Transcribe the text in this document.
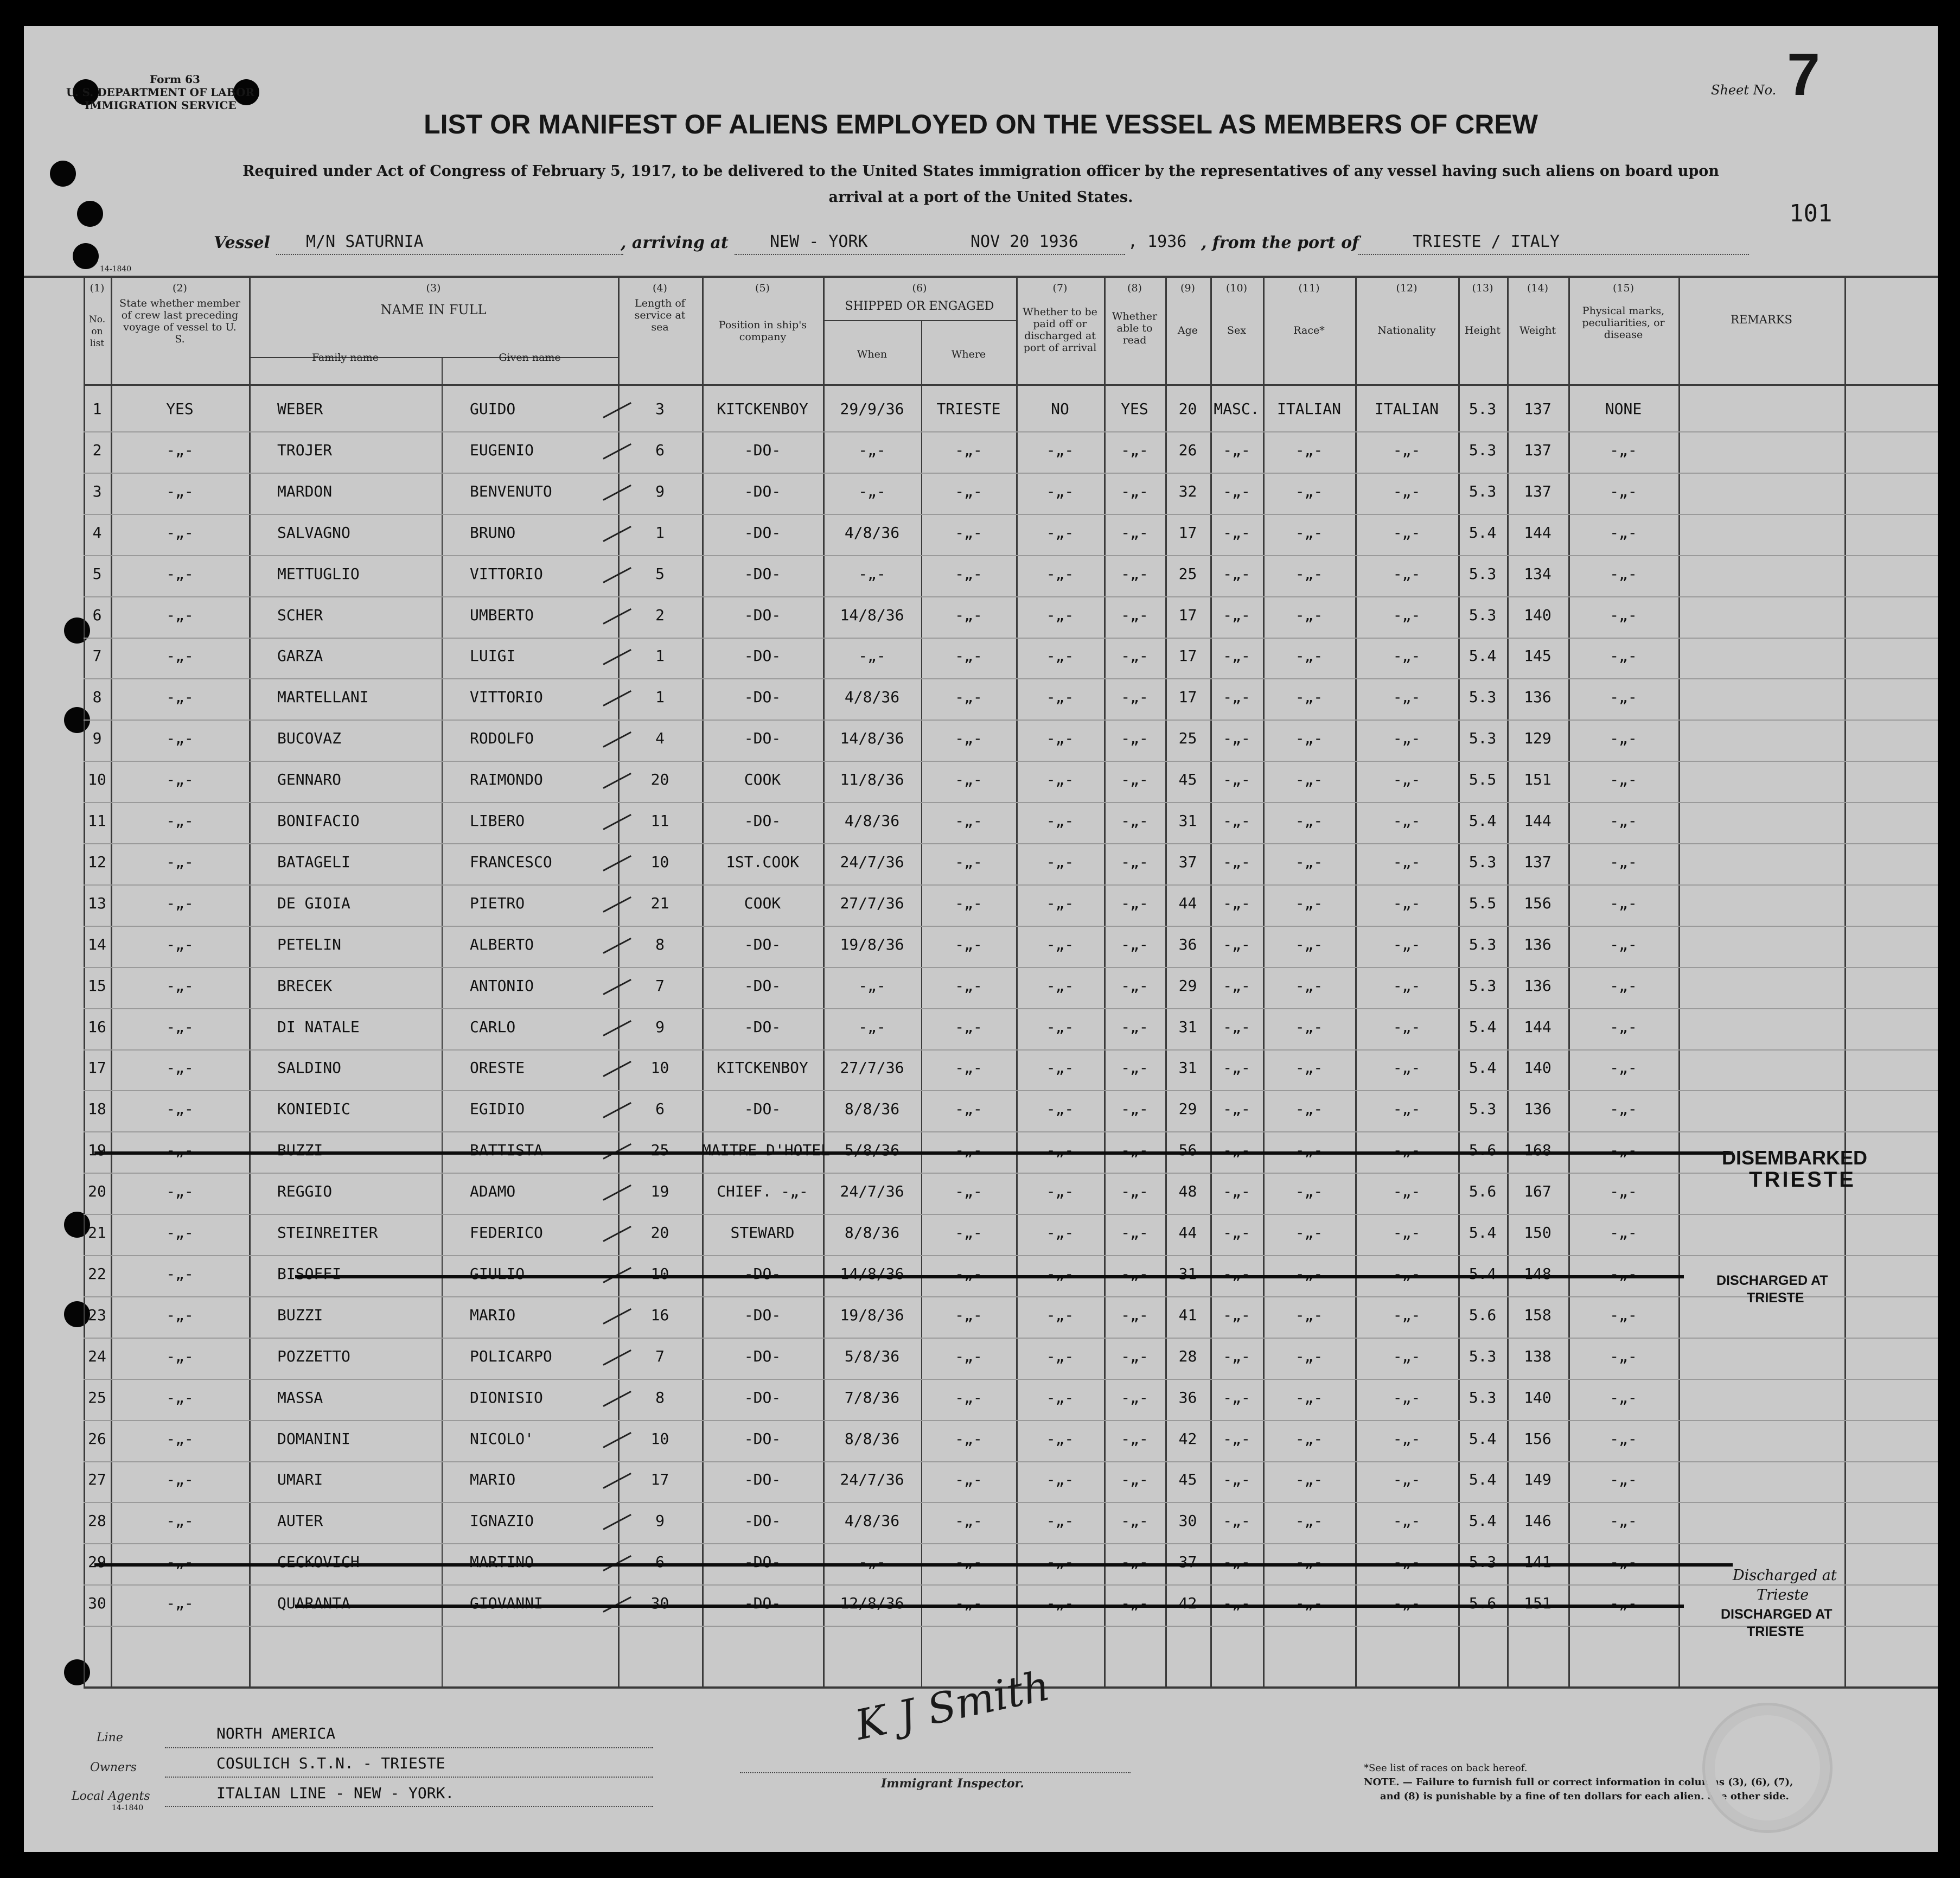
Form 63
U. S. DEPARTMENT OF LABOR
IMMIGRATION SERVICE
Sheet No. 7
LIST OR MANIFEST OF ALIENS EMPLOYED ON THE VESSEL AS MEMBERS OF CREW
Required under Act of Congress of February 5, 1917, to be delivered to the United States immigration officer by the representatives of any vessel having such aliens on board upon
arrival at a port of the United States.
101
Vessel M/N SATURNIA	, arriving at	NEW - YORK	NOV 20 1936	, 1936 , from the port of	TRIESTE / ITALY
14-1840
(1)
No. on list
(2)
State whether member of crew last preceding voyage of vessel to U. S.
(3)
NAME IN FULL
Family name	Given name
(4)
Length of service at sea
(5)
Position in ship's company
(6)
SHIPPED OR ENGAGED
When	Where
(7)
Whether to be paid off or discharged at port of arrival
(8)
Whether able to read
(9)
Age
(10)
Sex
(11)
Race*
(12)
Nationality
(13)
Height
(14)
Weight
(15)
Physical marks, peculiarities, or disease
REMARKS
1	YES	WEBER	GUIDO	3	KITCKENBOY	29/9/36	TRIESTE	NO	YES	20	MASC.	ITALIAN	ITALIAN	5.3	137	NONE
2	-„-	TROJER	EUGENIO	6	-DO-	-„-	-„-	-„-	-„-	26	-„-	-„-	-„-	5.3	137	-„-
3	-„-	MARDON	BENVENUTO	9	-DO-	-„-	-„-	-„-	-„-	32	-„-	-„-	-„-	5.3	137	-„-
4	-„-	SALVAGNO	BRUNO	1	-DO-	4/8/36	-„-	-„-	-„-	17	-„-	-„-	-„-	5.4	144	-„-
5	-„-	METTUGLIO	VITTORIO	5	-DO-	-„-	-„-	-„-	-„-	25	-„-	-„-	-„-	5.3	134	-„-
6	-„-	SCHER	UMBERTO	2	-DO-	14/8/36	-„-	-„-	-„-	17	-„-	-„-	-„-	5.3	140	-„-
7	-„-	GARZA	LUIGI	1	-DO-	-„-	-„-	-„-	-„-	17	-„-	-„-	-„-	5.4	145	-„-
8	-„-	MARTELLANI	VITTORIO	1	-DO-	4/8/36	-„-	-„-	-„-	17	-„-	-„-	-„-	5.3	136	-„-
9	-„-	BUCOVAZ	RODOLFO	4	-DO-	14/8/36	-„-	-„-	-„-	25	-„-	-„-	-„-	5.3	129	-„-
10	-„-	GENNARO	RAIMONDO	20	COOK	11/8/36	-„-	-„-	-„-	45	-„-	-„-	-„-	5.5	151	-„-
11	-„-	BONIFACIO	LIBERO	11	-DO-	4/8/36	-„-	-„-	-„-	31	-„-	-„-	-„-	5.4	144	-„-
12	-„-	BATAGELI	FRANCESCO	10	1ST.COOK	24/7/36	-„-	-„-	-„-	37	-„-	-„-	-„-	5.3	137	-„-
13	-„-	DE GIOIA	PIETRO	21	COOK	27/7/36	-„-	-„-	-„-	44	-„-	-„-	-„-	5.5	156	-„-
14	-„-	PETELIN	ALBERTO	8	-DO-	19/8/36	-„-	-„-	-„-	36	-„-	-„-	-„-	5.3	136	-„-
15	-„-	BRECEK	ANTONIO	7	-DO-	-„-	-„-	-„-	-„-	29	-„-	-„-	-„-	5.3	136	-„-
16	-„-	DI NATALE	CARLO	9	-DO-	-„-	-„-	-„-	-„-	31	-„-	-„-	-„-	5.4	144	-„-
17	-„-	SALDINO	ORESTE	10	KITCKENBOY	27/7/36	-„-	-„-	-„-	31	-„-	-„-	-„-	5.4	140	-„-
18	-„-	KONIEDIC	EGIDIO	6	-DO-	8/8/36	-„-	-„-	-„-	29	-„-	-„-	-„-	5.3	136	-„-
19	-„-	BUZZI	BATTISTA	25	MAITRE D'HOTEL 5/8/36	-„-	-„-	-„-	56	-„-	-„-	-„-	5.6	168	-„-
20	-„-	REGGIO	ADAMO	19	CHIEF. -„-	24/7/36	-„-	-„-	-„-	48	-„-	-„-	-„-	5.6	167	-„-
21	-„-	STEINREITER	FEDERICO	20	STEWARD	8/8/36	-„-	-„-	-„-	44	-„-	-„-	-„-	5.4	150	-„-
22	-„-	BISOFFI	GIULIO	10	-DO-	14/8/36	-„-	-„-	-„-	31	-„-	-„-	-„-	5.4	148	-„-
23	-„-	BUZZI	MARIO	16	-DO-	19/8/36	-„-	-„-	-„-	41	-„-	-„-	-„-	5.6	158	-„-
24	-„-	POZZETTO	POLICARPO	7	-DO-	5/8/36	-„-	-„-	-„-	28	-„-	-„-	-„-	5.3	138	-„-
25	-„-	MASSA	DIONISIO	8	-DO-	7/8/36	-„-	-„-	-„-	36	-„-	-„-	-„-	5.3	140	-„-
26	-„-	DOMANINI	NICOLO'	10	-DO-	8/8/36	-„-	-„-	-„-	42	-„-	-„-	-„-	5.4	156	-„-
27	-„-	UMARI	MARIO	17	-DO-	24/7/36	-„-	-„-	-„-	45	-„-	-„-	-„-	5.4	149	-„-
28	-„-	AUTER	IGNAZIO	9	-DO-	4/8/36	-„-	-„-	-„-	30	-„-	-„-	-„-	5.4	146	-„-
29	-„-	CECKOVICH	MARTINO	6	-DO-	-„-	-„-	-„-	-„-	37	-„-	-„-	-„-	5.3	141	-„-
30	-„-	QUARANTA	GIOVANNI	30	-DO-	12/8/36	-„-	-„-	-„-	42	-„-	-„-	-„-	5.6	151	-„-
DISEMBARKED
TRIESTE
DISCHARGED AT
TRIESTE
Discharged at
Trieste
DISCHARGED AT
TRIESTE
Line	NORTH AMERICA
Owners	COSULICH S.T.N. - TRIESTE
Local Agents	ITALIAN LINE - NEW - YORK.
14-1840
K J Smith
Immigrant Inspector.
*See list of races on back hereof.
NOTE. — Failure to furnish full or correct information in columns (3), (6), (7),
and (8) is punishable by a fine of ten dollars for each alien. See other side.
